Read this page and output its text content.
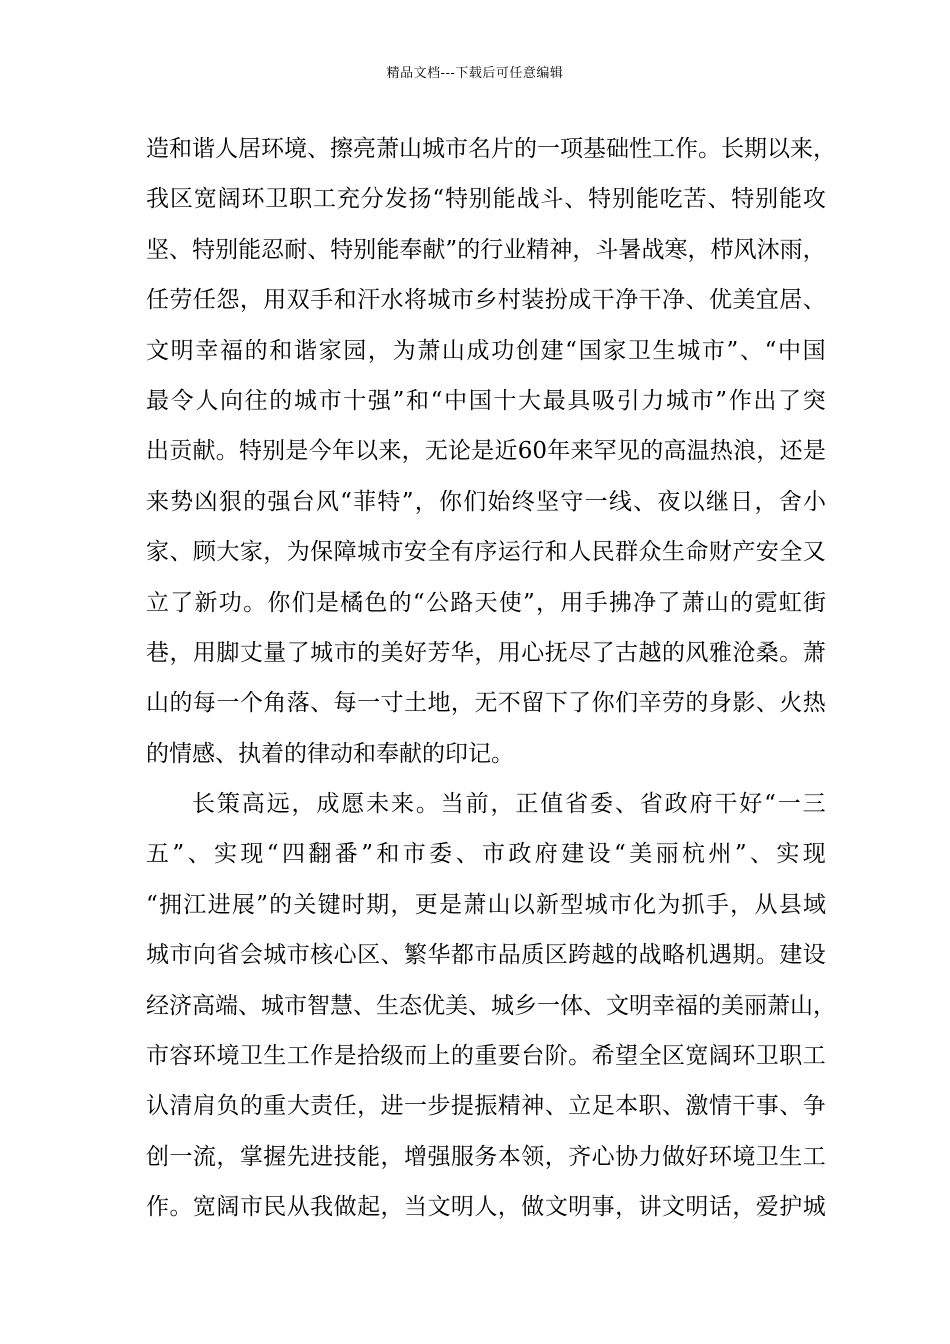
精品文档---下载后可任意编辑
造 和 谐 人 居 环 境 、 擦 亮 萧 山 城 市 名 片 的 一 项 基 础 性 工 作 。 长 期 以 来 ，
我 区 宽 阔 环 卫 职 工 充 分 发 扬 “ 特 别 能 战 斗 、 特 别 能 吃 苦 、 特 别 能 攻
坚 、 特 别 能 忍 耐 、 特 别 能 奉 献 ” 的 行 业 精 神 ， 斗 暑 战 寒 ， 栉 风 沐 雨 ，
任 劳 任 怨 ， 用 双 手 和 汗 水 将 城 市 乡 村 装 扮 成 干 净 干 净 、 优 美 宜 居 、
文 明 幸 福 的 和 谐 家 园 ， 为 萧 山 成 功 创 建 “ 国 家 卫 生 城 市 ” 、 “ 中 国
最 令 人 向 往 的 城 市 十 强 ” 和 “ 中 国 十 大 最 具 吸 引 力 城 市 ” 作 出 了 突
出 贡 献 。 特 别 是 今 年 以 来 ， 无 论 是 近 60 年 来 罕 见 的 高 温 热 浪 ， 还 是
来 势 凶 狠 的 强 台 风 “ 菲 特 ” ， 你 们 始 终 坚 守 一 线 、 夜 以 继 日 ， 舍 小
家 、 顾 大 家 ， 为 保 障 城 市 安 全 有 序 运 行 和 人 民 群 众 生 命 财 产 安 全 又
立 了 新 功 。 你 们 是 橘 色 的 “ 公 路 天 使 ” ， 用 手 拂 净 了 萧 山 的 霓 虹 街
巷 ， 用 脚 丈 量 了 城 市 的 美 好 芳 华 ， 用 心 抚 尽 了 古 越 的 风 雅 沧 桑 。 萧
山 的 每 一 个 角 落 、 每 一 寸 土 地 ， 无 不 留 下 了 你 们 辛 劳 的 身 影 、 火 热
的情感、执着的律动和奉献的印记。
长 策 高 远 ， 成 愿 未 来 。 当 前 ， 正 值 省 委 、 省 政 府 干 好 “ 一 三
五 ” 、 实 现 “ 四 翻 番 ” 和 市 委 、 市 政 府 建 设 “ 美 丽 杭 州 ” 、 实 现
“ 拥 江 进 展 ” 的 关 键 时 期 ， 更 是 萧 山 以 新 型 城 市 化 为 抓 手 ， 从 县 域
城 市 向 省 会 城 市 核 心 区 、 繁 华 都 市 品 质 区 跨 越 的 战 略 机 遇 期 。 建 设
经 济 高 端 、 城 市 智 慧 、 生 态 优 美 、 城 乡 一 体 、 文 明 幸 福 的 美 丽 萧 山 ，
市 容 环 境 卫 生 工 作 是 拾 级 而 上 的 重 要 台 阶 。 希 望 全 区 宽 阔 环 卫 职 工
认 清 肩 负 的 重 大 责 任 ， 进 一 步 提 振 精 神 、 立 足 本 职 、 激 情 干 事 、 争
创 一 流 ， 掌 握 先 进 技 能 ， 增 强 服 务 本 领 ， 齐 心 协 力 做 好 环 境 卫 生 工
作 。 宽 阔 市 民 从 我 做 起 ， 当 文 明 人 ， 做 文 明 事 ， 讲 文 明 话 ， 爱 护 城
